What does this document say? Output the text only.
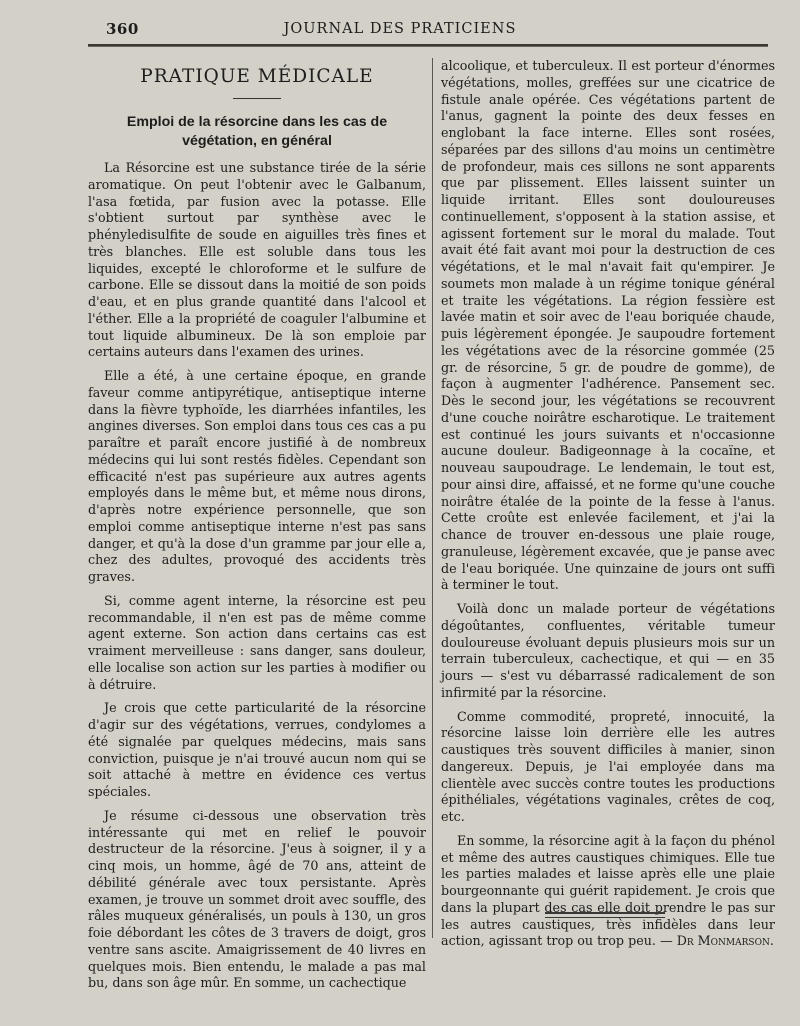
360	JOURNAL DES PRATICIENS
PRATIQUE MÉDICALE
Emploi de la résorcine dans les cas de végétation, en général

La Résorcine est une substance tirée de la série aromatique. On peut l'obtenir avec le Galbanum, l'asa fœtida, par fusion avec la potasse. Elle s'obtient surtout par synthèse avec le phényledisulfite de soude en aiguilles très fines et très blanches. Elle est soluble dans tous les liquides, excepté le chloroforme et le sulfure de carbone. Elle se dissout dans la moitié de son poids d'eau, et en plus grande quantité dans l'alcool et l'éther. Elle a la propriété de coaguler l'albumine et tout liquide albumineux. De là son emploie par certains auteurs dans l'examen des urines.

Elle a été, à une certaine époque, en grande faveur comme antipyrétique, antiseptique interne dans la fièvre typhoïde, les diarrhées infantiles, les angines diverses. Son emploi dans tous ces cas a pu paraître et paraît encore justifié à de nombreux médecins qui lui sont restés fidèles. Cependant son efficacité n'est pas supérieure aux autres agents employés dans le même but, et même nous dirons, d'après notre expérience personnelle, que son emploi comme antiseptique interne n'est pas sans danger, et qu'à la dose d'un gramme par jour elle a, chez des adultes, provoqué des accidents très graves.

Si, comme agent interne, la résorcine est peu recommandable, il n'en est pas de même comme agent externe. Son action dans certains cas est vraiment merveilleuse : sans danger, sans douleur, elle localise son action sur les parties à modifier ou à détruire.

Je crois que cette particularité de la résorcine d'agir sur des végétations, verrues, condylomes a été signalée par quelques médecins, mais sans conviction, puisque je n'ai trouvé aucun nom qui se soit attaché à mettre en évidence ces vertus spéciales.

Je résume ci-dessous une observation très intéressante qui met en relief le pouvoir destructeur de la résorcine. J'eus à soigner, il y a cinq mois, un homme, âgé de 70 ans, atteint de débilité générale avec toux persistante. Après examen, je trouve un sommet droit avec souffle, des râles muqueux généralisés, un pouls à 130, un gros foie débordant les côtes de 3 travers de doigt, gros ventre sans ascite. Amaigrissement de 40 livres en quelques mois. Bien entendu, le malade a pas mal bu, dans son âge mûr. En somme, un cachectique

alcoolique, et tuberculeux. Il est porteur d'énormes végétations, molles, greffées sur une cicatrice de fistule anale opérée. Ces végétations partent de l'anus, gagnent la pointe des deux fesses en englobant la face interne. Elles sont rosées, séparées par des sillons d'au moins un centimètre de profondeur, mais ces sillons ne sont apparents que par plissement. Elles laissent suinter un liquide irritant. Elles sont douloureuses continuellement, s'opposent à la station assise, et agissent fortement sur le moral du malade. Tout avait été fait avant moi pour la destruction de ces végétations, et le mal n'avait fait qu'empirer. Je soumets mon malade à un régime tonique général et traite les végétations. La région fessière est lavée matin et soir avec de l'eau boriquée chaude, puis légèrement épongée. Je saupoudre fortement les végétations avec de la résorcine gommée (25 gr. de résorcine, 5 gr. de poudre de gomme), de façon à augmenter l'adhérence. Pansement sec. Dès le second jour, les végétations se recouvrent d'une couche noirâtre escharotique. Le traitement est continué les jours suivants et n'occasionne aucune douleur. Badigeonnage à la cocaïne, et nouveau saupoudrage. Le lendemain, le tout est, pour ainsi dire, affaissé, et ne forme qu'une couche noirâtre étalée de la pointe de la fesse à l'anus. Cette croûte est enlevée facilement, et j'ai la chance de trouver en-dessous une plaie rouge, granuleuse, légèrement excavée, que je panse avec de l'eau boriquée. Une quinzaine de jours ont suffi à terminer le tout.

Voilà donc un malade porteur de végétations dégoûtantes, confluentes, véritable tumeur douloureuse évoluant depuis plusieurs mois sur un terrain tuberculeux, cachectique, et qui — en 35 jours — s'est vu débarrassé radicalement de son infirmité par la résorcine.

Comme commodité, propreté, innocuité, la résorcine laisse loin derrière elle les autres caustiques très souvent difficiles à manier, sinon dangereux. Depuis, je l'ai employée dans ma clientèle avec succès contre toutes les productions épithéliales, végétations vaginales, crêtes de coq, etc.

En somme, la résorcine agit à la façon du phénol et même des autres caustiques chimiques. Elle tue les parties malades et laisse après elle une plaie bourgeonnante qui guérit rapidement. Je crois que dans la plupart des cas elle doit prendre le pas sur les autres caustiques, très infidèles dans leur action, agissant trop ou trop peu. — Dr Monmarson.
